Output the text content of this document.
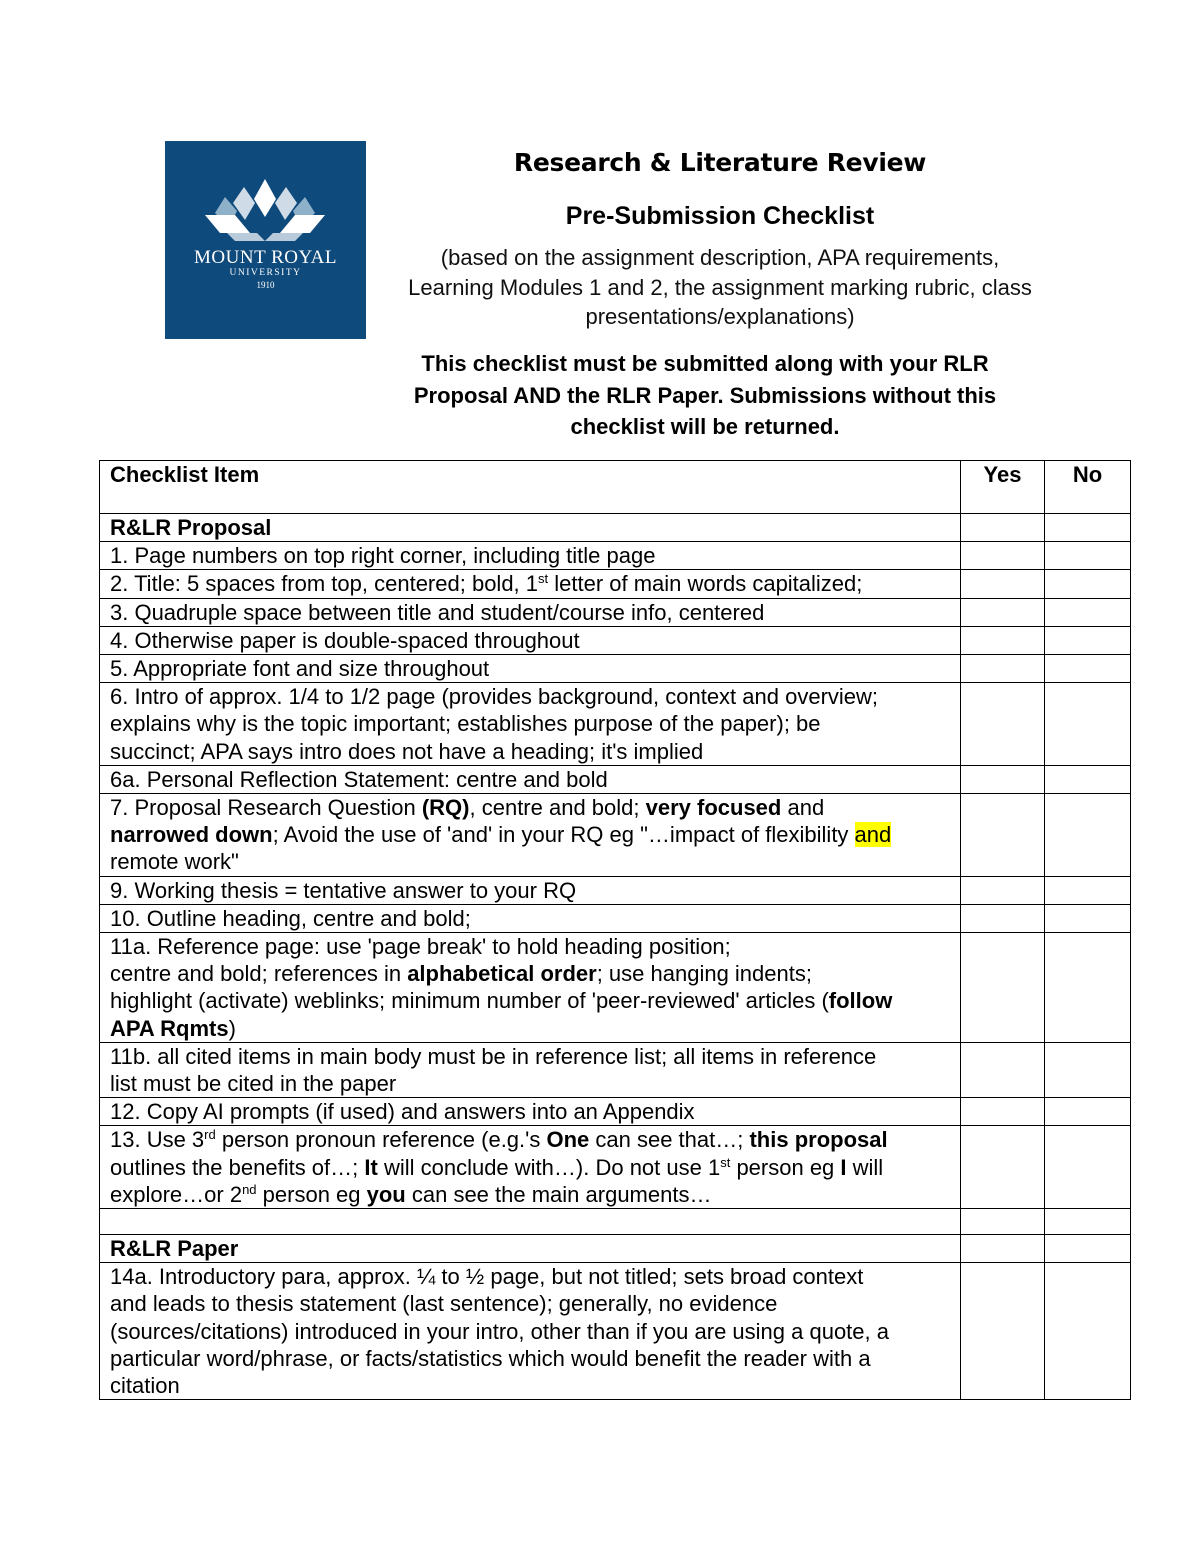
MOUNT ROYAL
UNIVERSITY
1910
Research & Literature Review
Pre-Submission Checklist
(based on the assignment description, APA requirements,
Learning Modules 1 and 2, the assignment marking rubric, class
presentations/explanations)
This checklist must be submitted along with your RLR
Proposal AND the RLR Paper. Submissions without this
checklist will be returned.
Checklist Item	Yes	No
R&LR Proposal		
1. Page numbers on top right corner, including title page		
2. Title: 5 spaces from top, centered; bold, 1st letter of main words capitalized;		
3. Quadruple space between title and student/course info, centered		
4. Otherwise paper is double-spaced throughout		
5. Appropriate font and size throughout		

6. Intro of approx. 1/4 to 1/2 page (provides background, context and overview;
explains why is the topic important; establishes purpose of the paper); be
succinct; APA says intro does not have a heading; it's implied		

6a. Personal Reflection Statement: centre and bold		

7. Proposal Research Question (RQ), centre and bold; very focused and
narrowed down; Avoid the use of 'and' in your RQ eg "…impact of flexibility and
remote work"		

9. Working thesis = tentative answer to your RQ		
10. Outline heading, centre and bold;		

11a. Reference page: use 'page break' to hold heading position;
centre and bold; references in alphabetical order; use hanging indents;
highlight (activate) weblinks; minimum number of 'peer-reviewed' articles (follow
APA Rqmts)		

11b. all cited items in main body must be in reference list; all items in reference
list must be cited in the paper		

12. Copy AI prompts (if used) and answers into an Appendix		

13. Use 3rd person pronoun reference (e.g.'s One can see that…; this proposal
outlines the benefits of…; It will conclude with…). Do not use 1st person eg I will
explore…or 2nd person eg you can see the main arguments…		

R&LR Paper		

14a. Introductory para, approx. ¼ to ½ page, but not titled; sets broad context
and leads to thesis statement (last sentence); generally, no evidence
(sources/citations) introduced in your intro, other than if you are using a quote, a
particular word/phrase, or facts/statistics which would benefit the reader with a
citation		
